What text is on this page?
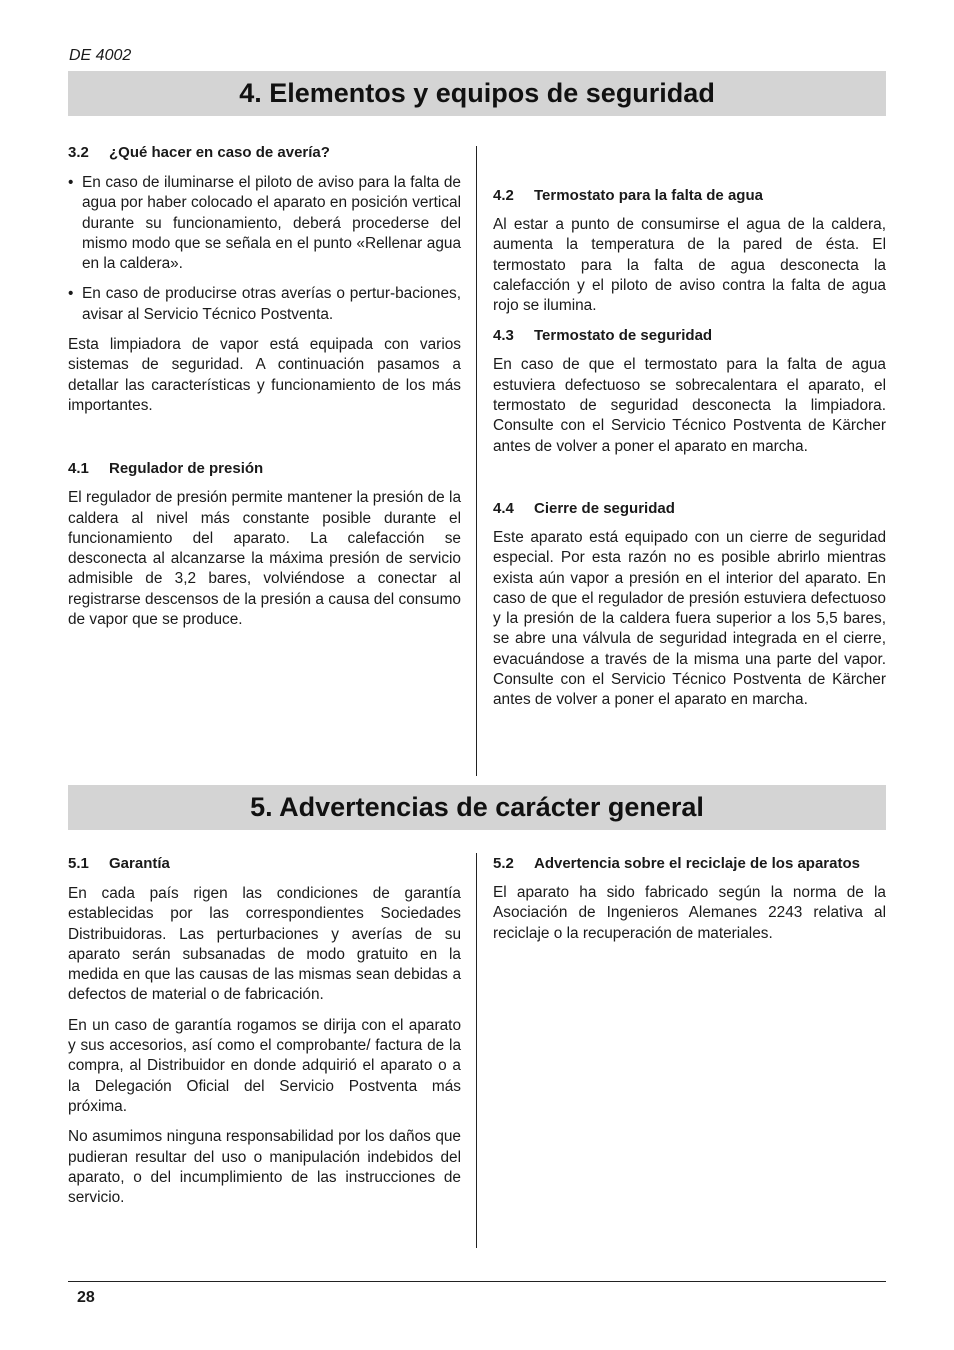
DE 4002
4. Elementos y equipos de seguridad
3.2	¿Qué hacer en caso de avería?
• En caso de iluminarse el piloto de aviso para la falta de agua por haber colocado el aparato en posición vertical durante su funcionamiento, deberá procederse del mismo modo que se señala en el punto «Rellenar agua en la caldera».
• En caso de producirse otras averías o pertur-baciones, avisar al Servicio Técnico Postventa.

Esta limpiadora de vapor está equipada con varios sistemas de seguridad. A continuación pasamos a detallar las características y funcionamiento de los más importantes.

4.1	Regulador de presión

El regulador de presión permite mantener la presión de la caldera al nivel más constante posible durante el funcionamiento del aparato. La calefacción se desconecta al alcanzarse la máxima presión de servicio admisible de 3,2 bares, volviéndose a conectar al registrarse descensos de la presión a causa del consumo de vapor que se produce.

4.2	Termostato para la falta de agua

Al estar a punto de consumirse el agua de la caldera, aumenta la temperatura de la pared de ésta. El termostato para la falta de agua desconecta la calefacción y el piloto de aviso contra la falta de agua rojo se ilumina.

4.3	Termostato de seguridad

En caso de que el termostato para la falta de agua estuviera defectuoso se sobrecalentara el aparato, el termostato de seguridad desconecta la limpiadora. Consulte con el Servicio Técnico Postventa de Kärcher antes de volver a poner el aparato en marcha.

4.4	Cierre de seguridad

Este aparato está equipado con un cierre de seguridad especial. Por esta razón no es posible abrirlo mientras exista aún vapor a presión en el interior del aparato. En caso de que el regulador de presión estuviera defectuoso y la presión de la caldera fuera superior a los 5,5 bares, se abre una válvula de seguridad integrada en el cierre, evacuándose a través de la misma una parte del vapor. Consulte con el Servicio Técnico Postventa de Kärcher antes de volver a poner el aparato en marcha.

5. Advertencias de carácter general
5.1	Garantía

En cada país rigen las condiciones de garantía establecidas por las correspondientes Sociedades Distribuidoras. Las perturbaciones y averías de su aparato serán subsanadas de modo gratuito en la medida en que las causas de las mismas sean debidas a defectos de material o de fabricación.

En un caso de garantía rogamos se dirija con el aparato y sus accesorios, así como el comprobante/ factura de la compra, al Distribuidor en donde adquirió el aparato o a la Delegación Oficial del Servicio Postventa más próxima.

No asumimos ninguna responsabilidad por los daños que pudieran resultar del uso o manipulación indebidos del aparato, o del incumplimiento de las instrucciones de servicio.

5.2	Advertencia sobre el reciclaje de los aparatos

El aparato ha sido fabricado según la norma de la Asociación de Ingenieros Alemanes 2243 relativa al reciclaje o la recuperación de materiales.

28
